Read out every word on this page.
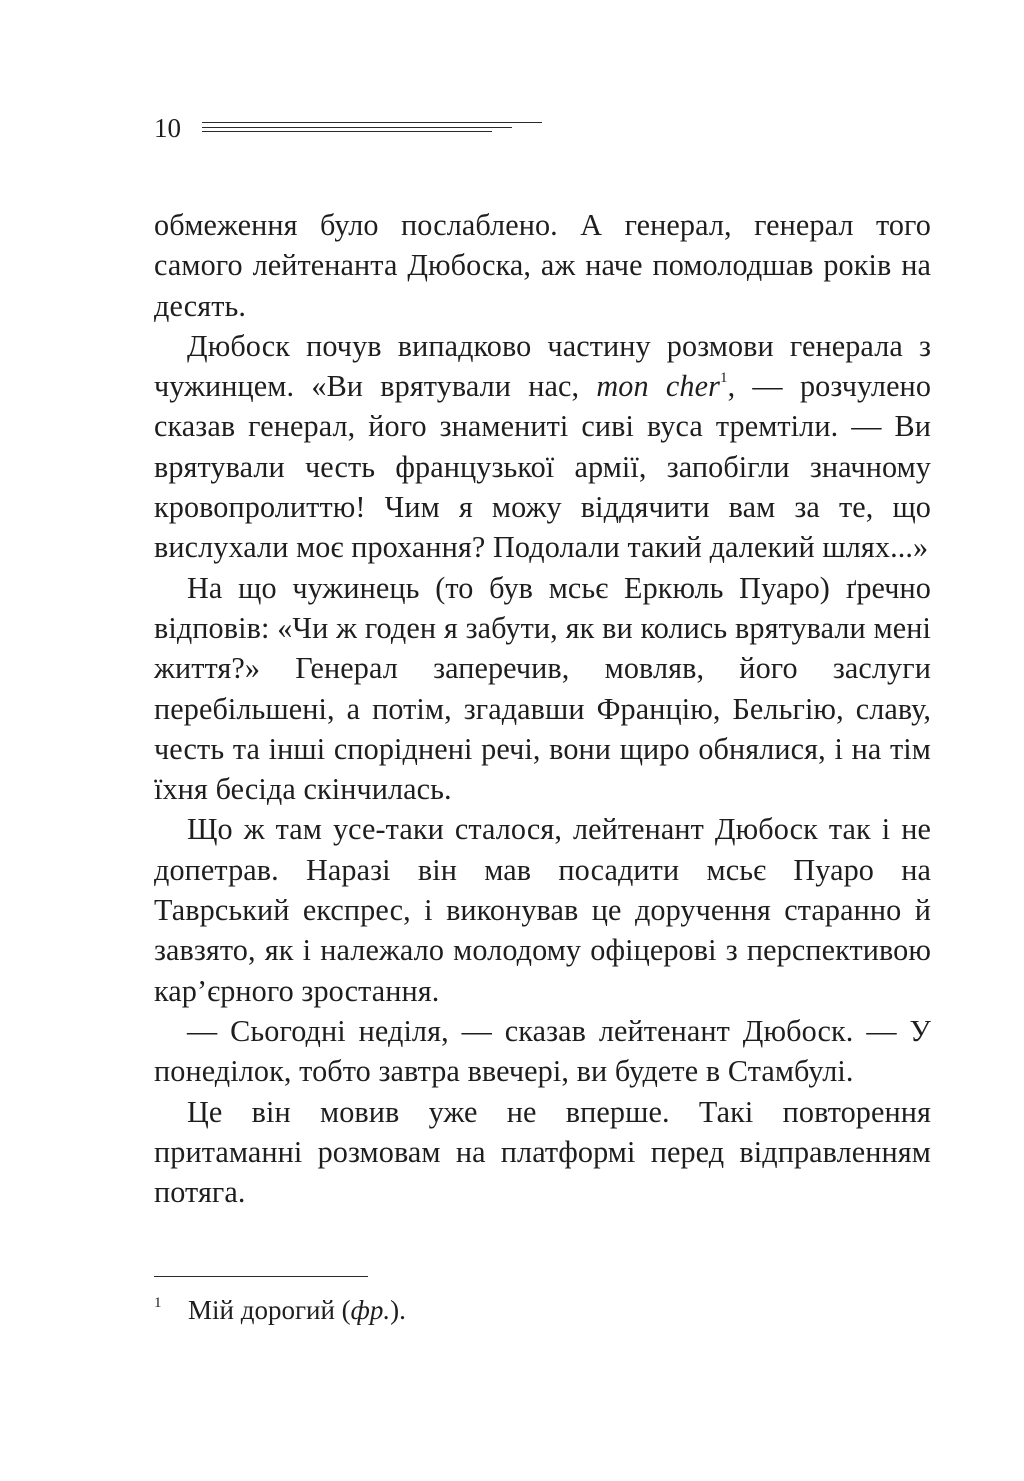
10

обмеження було послаблено. А генерал, генерал того самого лейтенанта Дюбоска, аж наче помолодшав років на десять.

Дюбоск почув випадково частину розмови генерала з чужинцем. «Ви врятували нас, mon cher$^1$, — розчулено сказав генерал, його знамениті сиві вуса тремтіли. — Ви врятували честь французької армії, запобігли значному кровопролиттю! Чим я можу віддячити вам за те, що вислухали моє прохання? Подолали такий далекий шлях...»

На що чужинець (то був мсьє Еркюль Пуаро) ґречно відповів: «Чи ж годен я забути, як ви колись врятували мені життя?» Генерал заперечив, мовляв, його заслуги перебільшені, а потім, згадавши Францію, Бельгію, славу, честь та інші споріднені речі, вони щиро обнялися, і на тім їхня бесіда скінчилась.

Що ж там усе-таки сталося, лейтенант Дюбоск так і не допетрав. Наразі він мав посадити мсьє Пуаро на Таврський експрес, і виконував це доручення старанно й завзято, як і належало молодому офіцерові з перспективою кар’єрного зростання.

— Сьогодні неділя, — сказав лейтенант Дюбоск. — У понеділок, тобто завтра ввечері, ви будете в Стамбулі.

Це він мовив уже не вперше. Такі повторення притаманні розмовам на платформі перед відправленням потяга.

1 Мій дорогий (фр.).
